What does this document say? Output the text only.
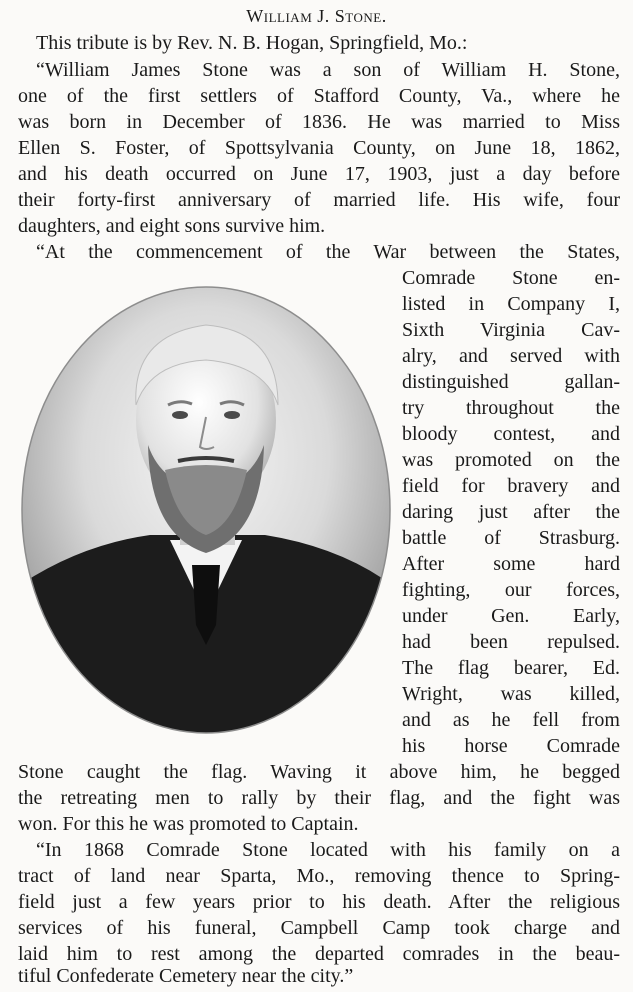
William J. Stone.
This tribute is by Rev. N. B. Hogan, Springfield, Mo.:
“William James Stone was a son of William H. Stone,
one of the first settlers of Stafford County, Va., where he
was born in December of 1836. He was married to Miss
Ellen S. Foster, of Spottsylvania County, on June 18, 1862,
and his death occurred on June 17, 1903, just a day before
their forty-first anniversary of married life. His wife, four
daughters, and eight sons survive him.
“At the commencement of the War between the States,
Comrade Stone en-
listed in Company I,
Sixth Virginia Cav-
alry, and served with
distinguished gallan-
try throughout the
bloody contest, and
was promoted on the
field for bravery and
daring just after the
battle of Strasburg.
After some hard
fighting, our forces,
under Gen. Early,
had been repulsed.
The flag bearer, Ed.
Wright, was killed,
and as he fell from
his horse Comrade
Stone caught the flag. Waving it above him, he begged
the retreating men to rally by their flag, and the fight was
won. For this he was promoted to Captain.
“In 1868 Comrade Stone located with his family on a
tract of land near Sparta, Mo., removing thence to Spring-
field just a few years prior to his death. After the religious
services of his funeral, Campbell Camp took charge and
laid him to rest among the departed comrades in the beau-
tiful Confederate Cemetery near the city.”
